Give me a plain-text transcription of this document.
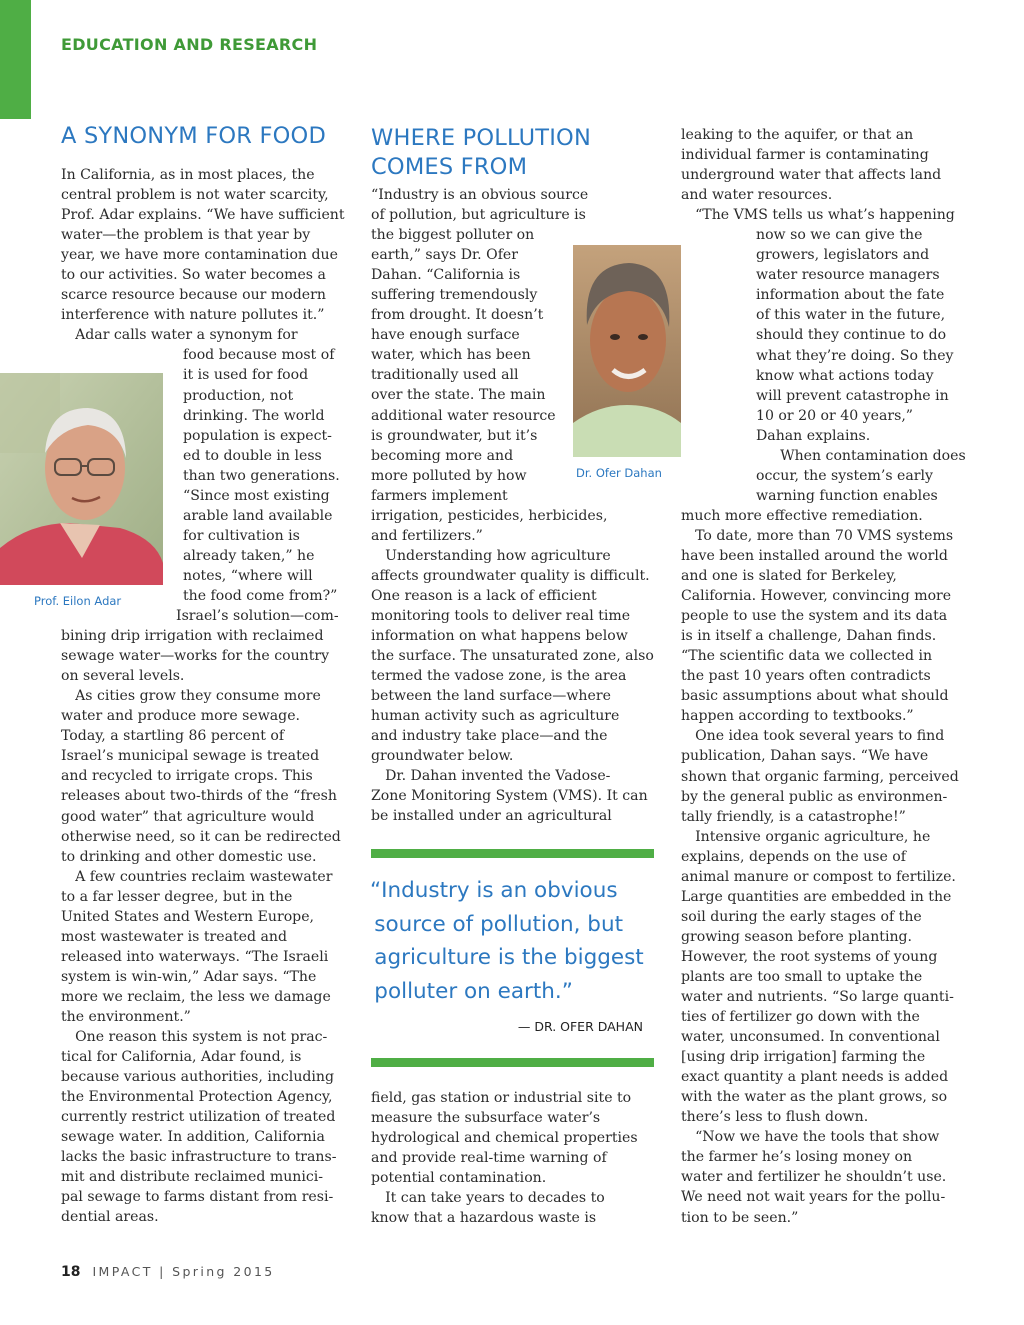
EDUCATION AND RESEARCH
A SYNONYM FOR FOOD
In California, as in most places, the
central problem is not water scarcity,
Prof. Adar explains. “We have sufficient
water—the problem is that year by
year, we have more contamination due
to our activities. So water becomes a
scarce resource because our modern
interference with nature pollutes it.”
 Adar calls water a synonym for
food because most of
it is used for food
production, not
drinking. The world
population is expect-
ed to double in less
than two generations.
“Since most existing
arable land available
for cultivation is
already taken,” he
notes, “where will
the food come from?”
Israel’s solution—com-
bining drip irrigation with reclaimed
sewage water—works for the country
on several levels.
 As cities grow they consume more
water and produce more sewage.
Today, a startling 86 percent of
Israel’s municipal sewage is treated
and recycled to irrigate crops. This
releases about two-thirds of the “fresh
good water” that agriculture would
otherwise need, so it can be redirected
to drinking and other domestic use.
 A few countries reclaim wastewater
to a far lesser degree, but in the
United States and Western Europe,
most wastewater is treated and
released into waterways. “The Israeli
system is win-win,” Adar says. “The
more we reclaim, the less we damage
the environment.”
 One reason this system is not prac-
tical for California, Adar found, is
because various authorities, including
the Environmental Protection Agency,
currently restrict utilization of treated
sewage water. In addition, California
lacks the basic infrastructure to trans-
mit and distribute reclaimed munici-
pal sewage to farms distant from resi-
dential areas.
Prof. Eilon Adar
WHERE POLLUTION
COMES FROM
“Industry is an obvious source
of pollution, but agriculture is
the biggest polluter on
earth,” says Dr. Ofer
Dahan. “California is
suffering tremendously
from drought. It doesn’t
have enough surface
water, which has been
traditionally used all
over the state. The main
additional water resource
is groundwater, but it’s
becoming more and
more polluted by how
farmers implement
irrigation, pesticides, herbicides,
and fertilizers.”
 Understanding how agriculture
affects groundwater quality is difficult.
One reason is a lack of efficient
monitoring tools to deliver real time
information on what happens below
the surface. The unsaturated zone, also
termed the vadose zone, is the area
between the land surface—where
human activity such as agriculture
and industry take place—and the
groundwater below.
 Dr. Dahan invented the Vadose-
Zone Monitoring System (VMS). It can
be installed under an agricultural
Dr. Ofer Dahan
“Industry is an obvious
 source of pollution, but
 agriculture is the biggest
 polluter on earth.”
— DR. OFER DAHAN
field, gas station or industrial site to
measure the subsurface water’s
hydrological and chemical properties
and provide real-time warning of
potential contamination.
 It can take years to decades to
know that a hazardous waste is
leaking to the aquifer, or that an
individual farmer is contaminating
underground water that affects land
and water resources.
 “The VMS tells us what’s happening
now so we can give the
growers, legislators and
water resource managers
information about the fate
of this water in the future,
should they continue to do
what they’re doing. So they
know what actions today
will prevent catastrophe in
10 or 20 or 40 years,”
Dahan explains.
 When contamination does
occur, the system’s early
warning function enables
much more effective remediation.
 To date, more than 70 VMS systems
have been installed around the world
and one is slated for Berkeley,
California. However, convincing more
people to use the system and its data
is in itself a challenge, Dahan finds.
“The scientific data we collected in
the past 10 years often contradicts
basic assumptions about what should
happen according to textbooks.”
 One idea took several years to find
publication, Dahan says. “We have
shown that organic farming, perceived
by the general public as environmen-
tally friendly, is a catastrophe!”
 Intensive organic agriculture, he
explains, depends on the use of
animal manure or compost to fertilize.
Large quantities are embedded in the
soil during the early stages of the
growing season before planting.
However, the root systems of young
plants are too small to uptake the
water and nutrients. “So large quanti-
ties of fertilizer go down with the
water, unconsumed. In conventional
[using drip irrigation] farming the
exact quantity a plant needs is added
with the water as the plant grows, so
there’s less to flush down.
 “Now we have the tools that show
the farmer he’s losing money on
water and fertilizer he shouldn’t use.
We need not wait years for the pollu-
tion to be seen.”
18 IMPACT | Spring 2015
